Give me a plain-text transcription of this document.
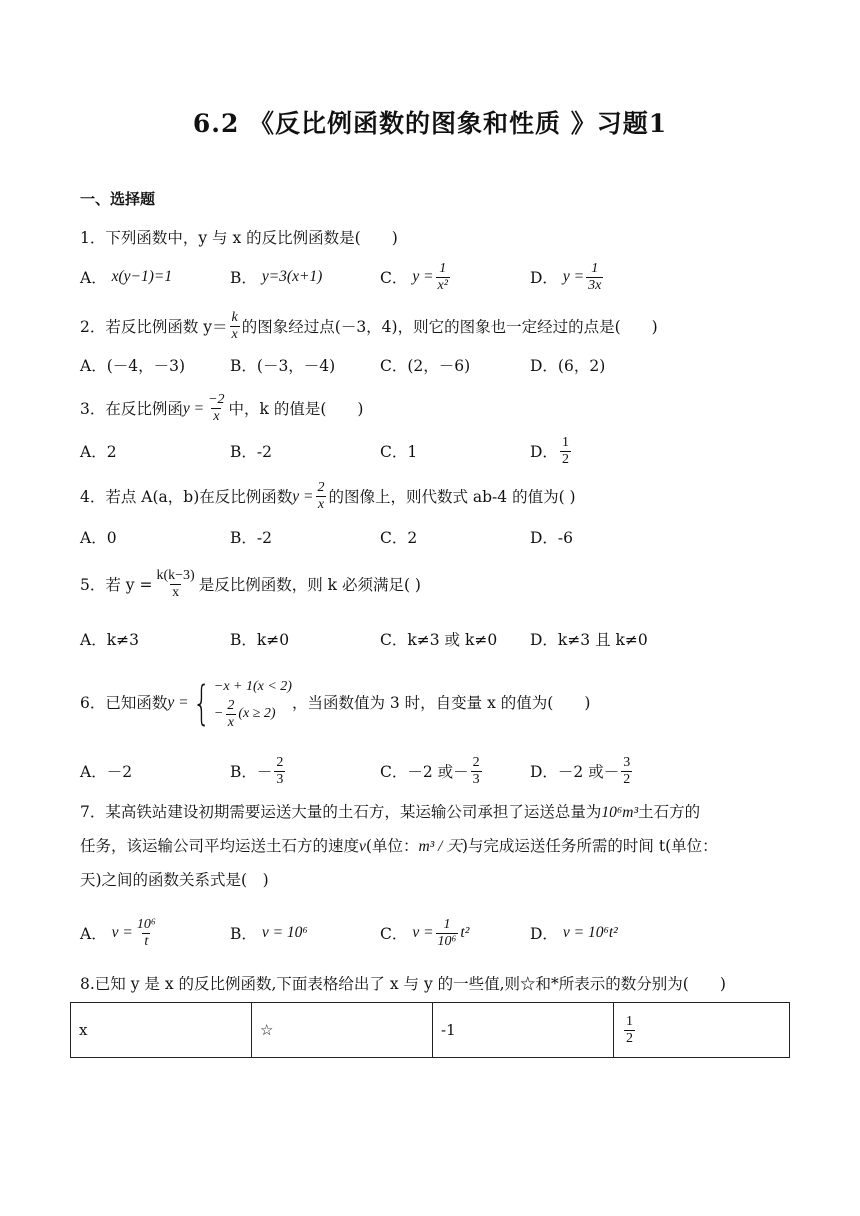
6.2 《反比例函数的图象和性质 》习题1
一、选择题
1．下列函数中，y 与 x 的反比例函数是(　　)
A．
x(y−1)=1	B．
y=3(x+1)	C．
$y = \frac{1}{\text{x²}}$	D．
$y = \frac{1}{3x}$
2．若反比例函数 $y= \frac{k}{x}$ 的图象经过点(－3，4)，则它的图象也一定经过的点是(　　)
A．(－4，－3)	B．(－3，－4)	C．(2，－6)	D．(6，2)
3．在反比例函 $y = \frac{-2}{x}$ 中，k 的值是(　　)
A．2	B．-2	C．1	D． $\frac{1}{2}$
4．若点 A(a，b)在反比例函数 $y = \frac{2}{x}$ 的图像上，则代数式 ab-4 的值为( )
A．0	B．-2	C．2	D．-6
5．若 $y = \frac{k(k-3)}{x}$ 是反比例函数，则 k 必须满足( )
A．k≠3	B．k≠0	C．k≠3 或 k≠0 D．k≠3 且 k≠0
6．已知函数 y = { −x + 1(x < 2)
− $\frac{2}{x} (x \ge 2)$
，当函数值为 3 时，自变量 x 的值为(　　)
A．－2	B．－ $\frac{2}{3}$	C．－2 或－ $\frac{2}{3}$	D．－2 或－ $\frac{3}{2}$
7．某高铁站建设初期需要运送大量的土石方，某运输公司承担了运送总量为10⁶m³土石方的
任务，该运输公司平均运送土石方的速度v(单位：m³ / 天)与完成运送任务所需的时间 t(单位：
天)之间的函数关系式是(　)
A．
$v = \frac{\text{10⁶}}{t}$	B．
v = 10⁶	C．
$v = \frac{1}{\text{10⁶}} t^2$	D．
v = 10⁶t²
8.已知 y 是 x 的反比例函数,下面表格给出了 x 与 y 的一些值,则☆和*所表示的数分别为(　　)
x	☆	-1	$\frac{1}{2}$
